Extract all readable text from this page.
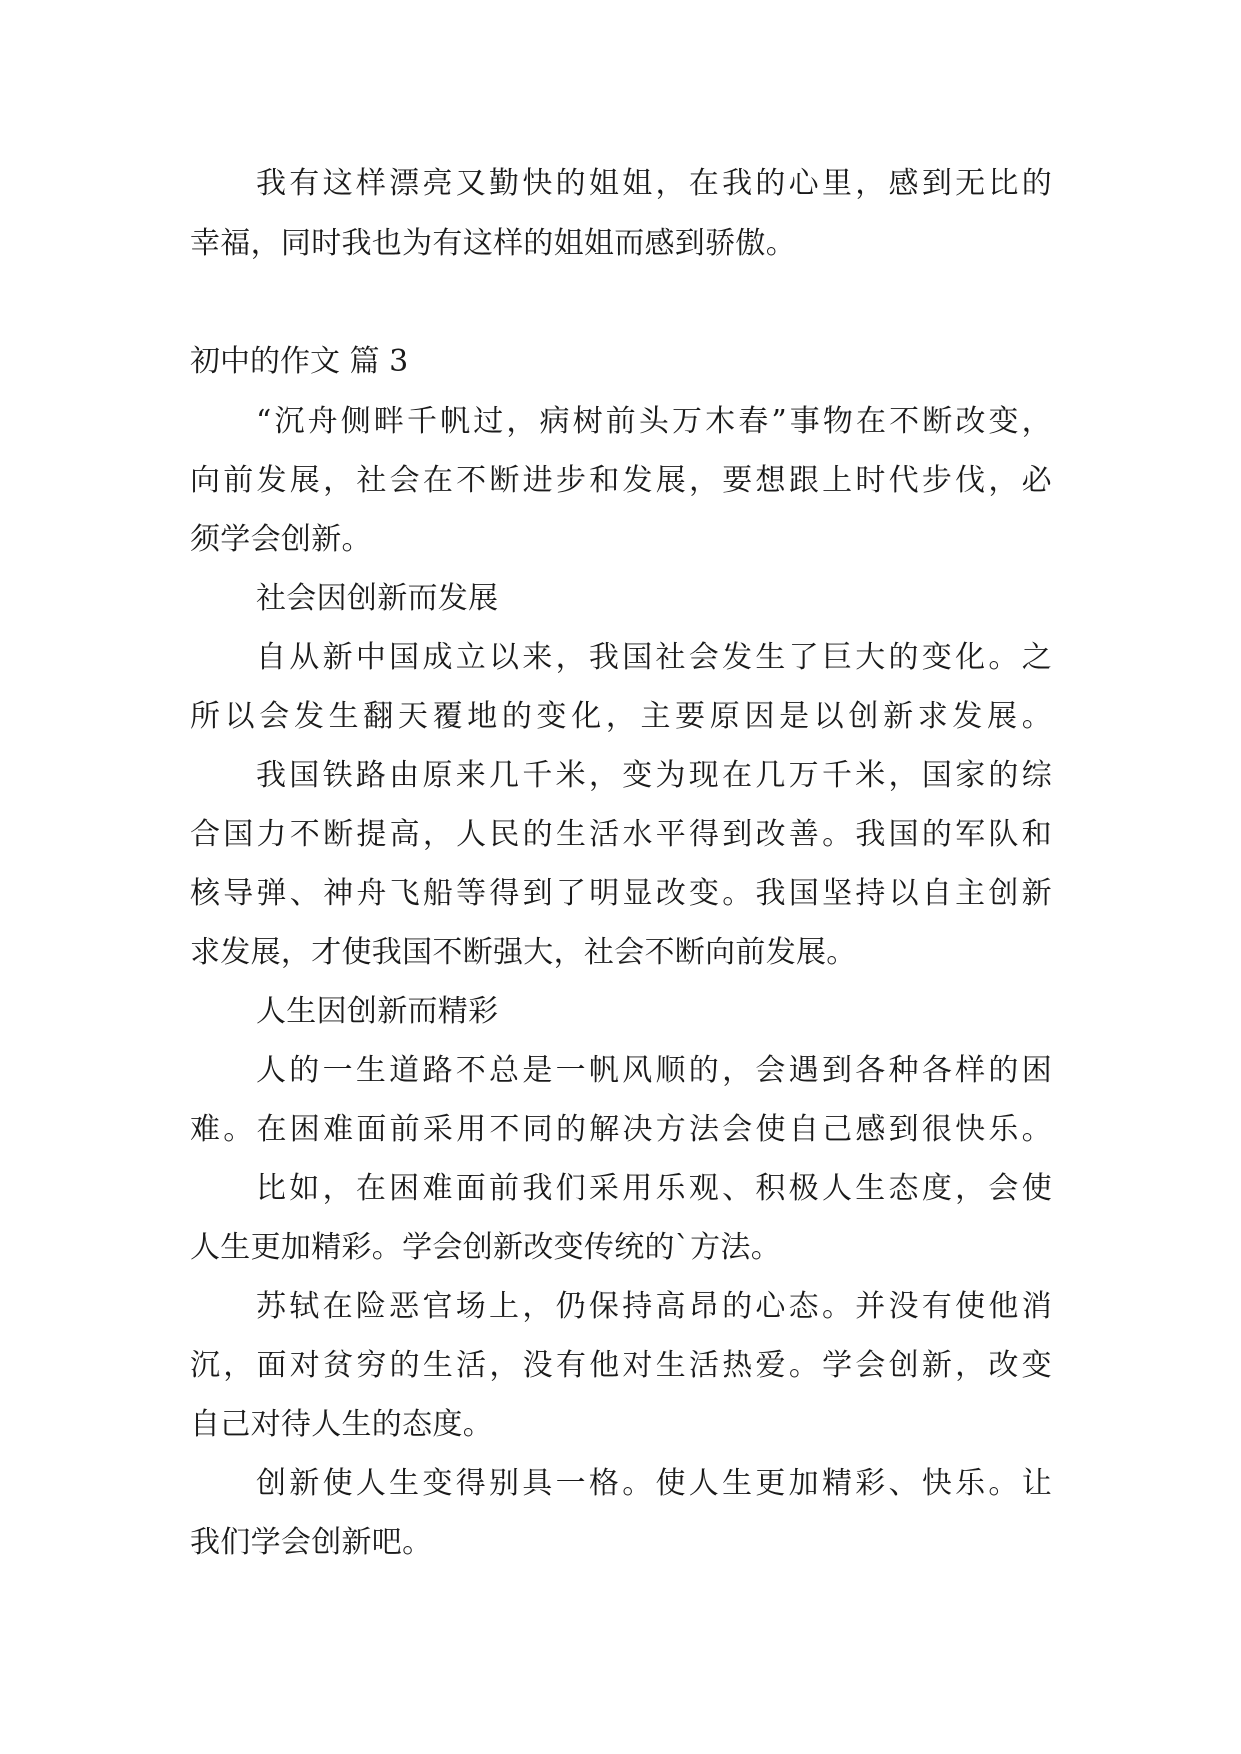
我有这样漂亮又勤快的姐姐，在我的心里，感到无比的

幸福，同时我也为有这样的姐姐而感到骄傲。

初中的作文 篇 3

“沉舟侧畔千帆过，病树前头万木春”事物在不断改变，

向前发展，社会在不断进步和发展，要想跟上时代步伐，必

须学会创新。

社会因创新而发展

自从新中国成立以来，我国社会发生了巨大的变化。之

所以会发生翻天覆地的变化，主要原因是以创新求发展。

我国铁路由原来几千米，变为现在几万千米，国家的综

合国力不断提高，人民的生活水平得到改善。我国的军队和

核导弹、神舟飞船等得到了明显改变。我国坚持以自主创新

求发展，才使我国不断强大，社会不断向前发展。

人生因创新而精彩

人的一生道路不总是一帆风顺的，会遇到各种各样的困

难。在困难面前采用不同的解决方法会使自己感到很快乐。

比如，在困难面前我们采用乐观、积极人生态度，会使

人生更加精彩。学会创新改变传统的`方法。

苏轼在险恶官场上，仍保持高昂的心态。并没有使他消

沉，面对贫穷的生活，没有他对生活热爱。学会创新，改变

自己对待人生的态度。

创新使人生变得别具一格。使人生更加精彩、快乐。让

我们学会创新吧。
